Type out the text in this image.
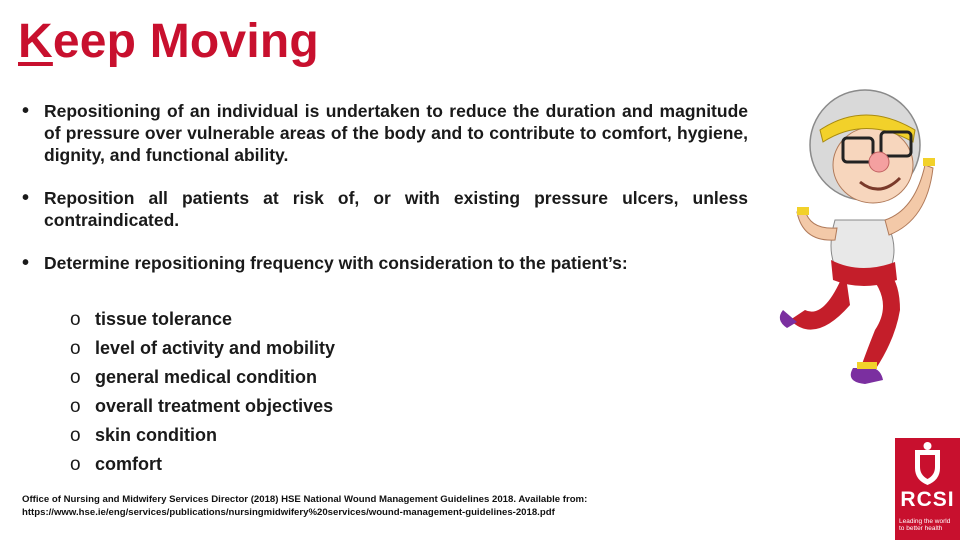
Keep Moving
• Repositioning of an individual is undertaken to reduce the duration and magnitude of pressure over vulnerable areas of the body and to contribute to comfort, hygiene, dignity, and functional ability.
• Reposition all patients at risk of, or with existing pressure ulcers, unless contraindicated.
• Determine repositioning frequency with consideration to the patient’s:
o tissue tolerance
o level of activity and mobility
o general medical condition
o overall treatment objectives
o skin condition
o comfort
Office of Nursing and Midwifery Services Director (2018) HSE National Wound Management Guidelines 2018. Available from:
https://www.hse.ie/eng/services/publications/nursingmidwifery%20services/wound-management-guidelines-2018.pdf
RCSI
Leading the world to better health
